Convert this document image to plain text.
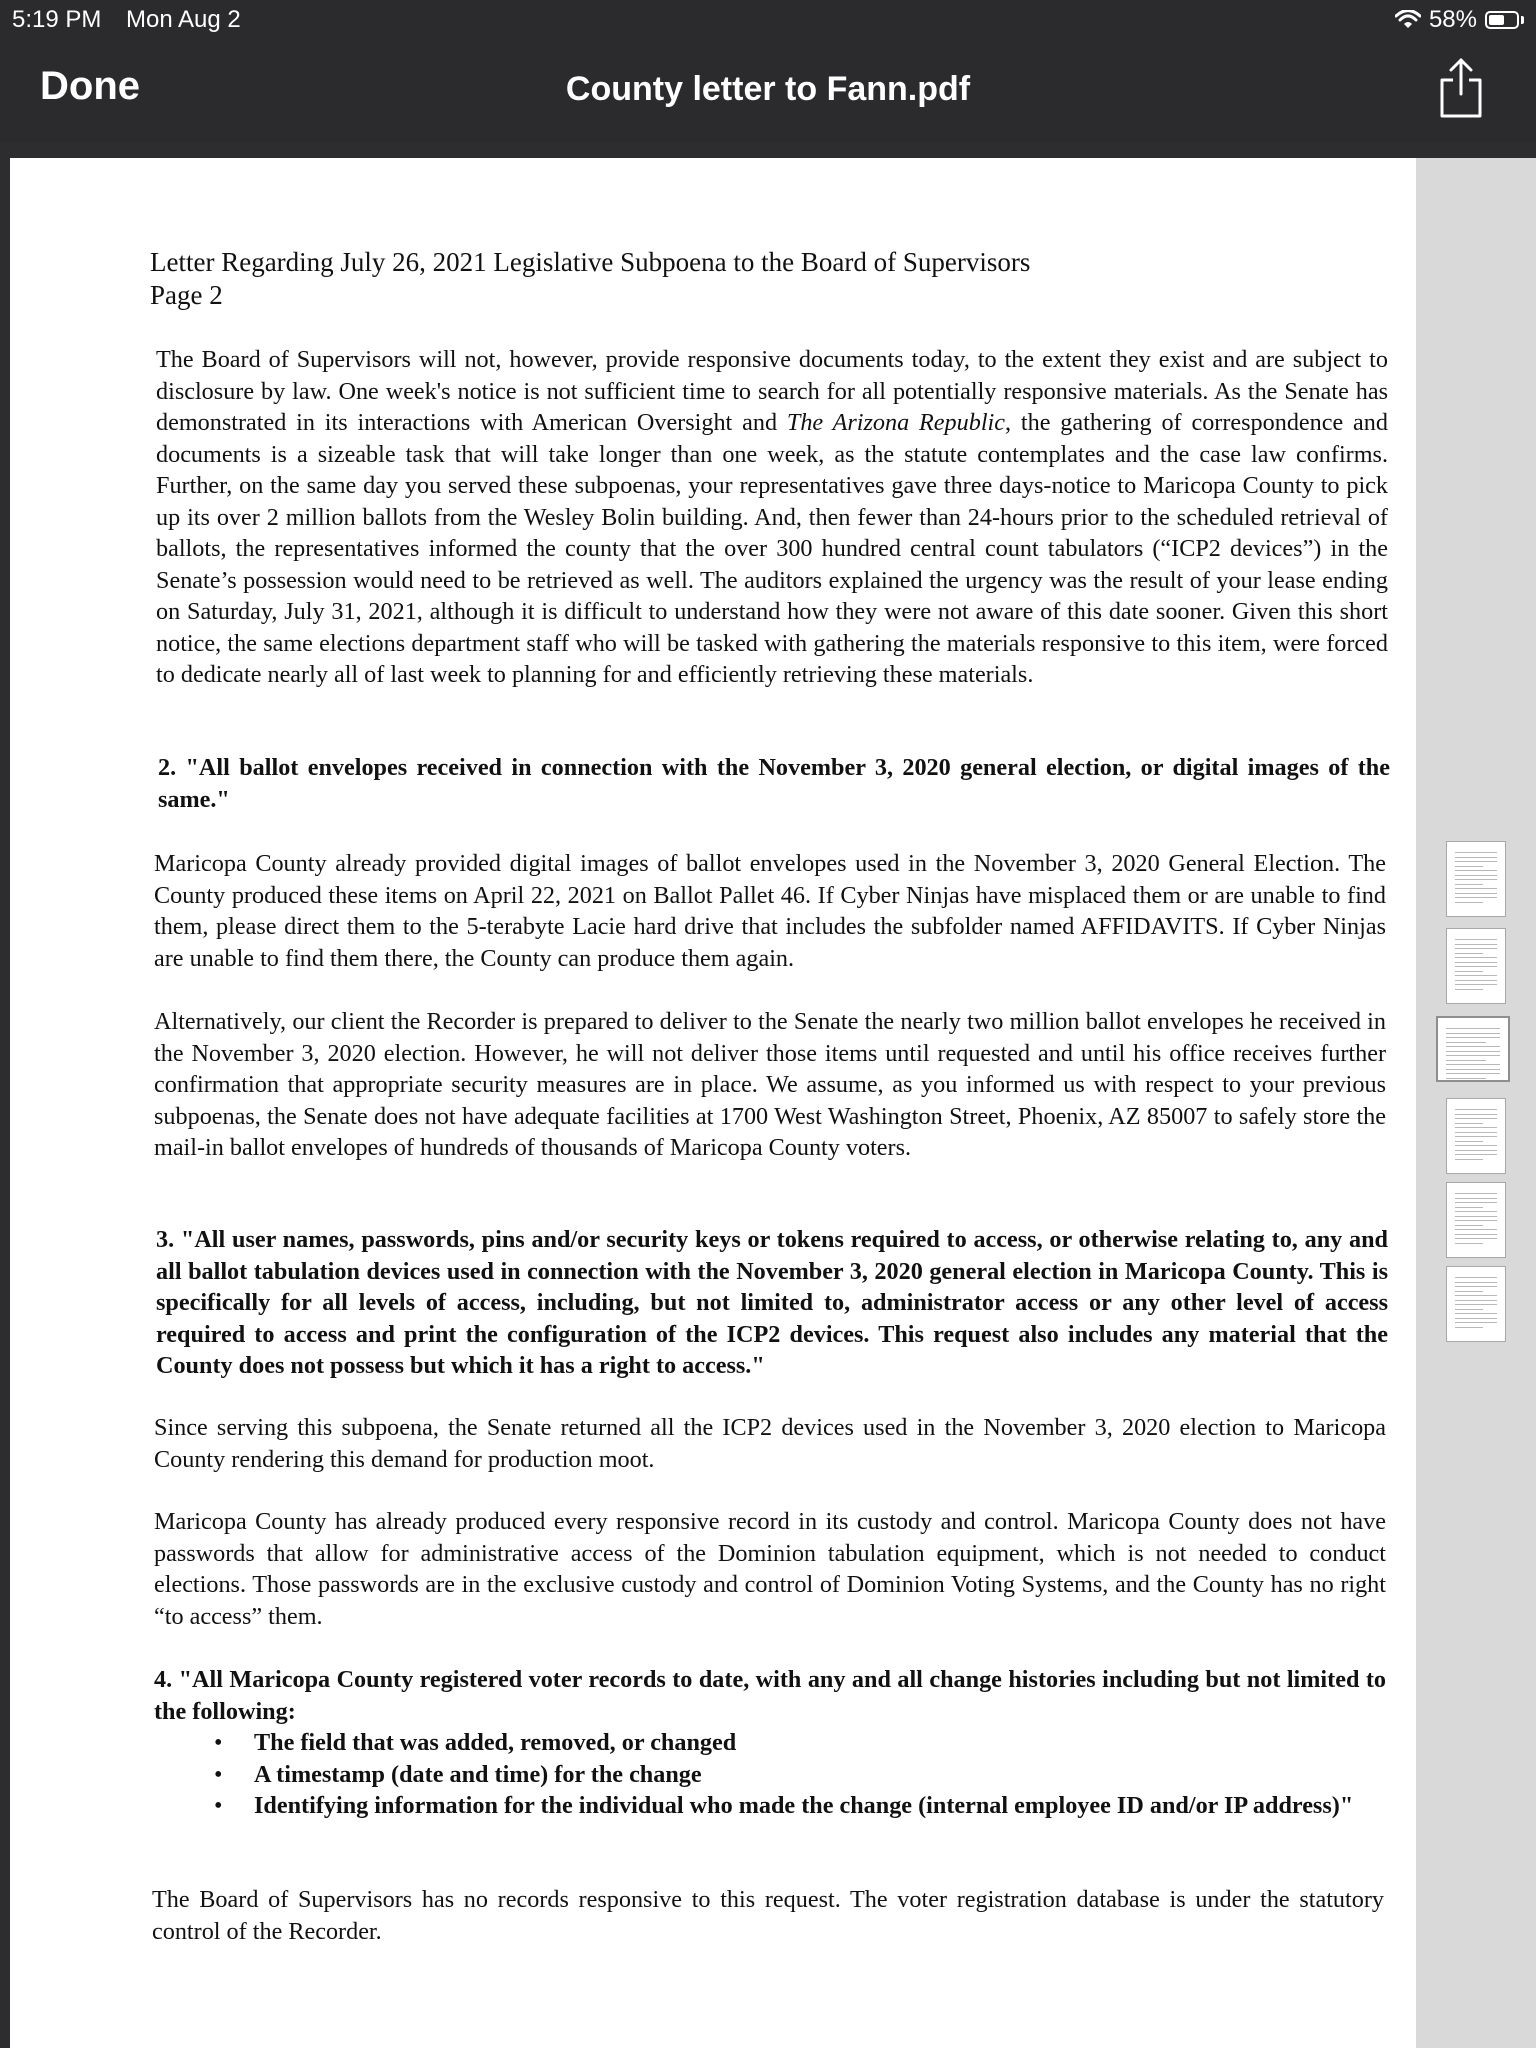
5:19 PM Mon Aug 2	58%
Done	County letter to Fann.pdf
Letter Regarding July 26, 2021 Legislative Subpoena to the Board of Supervisors
Page 2
The Board of Supervisors will not, however, provide responsive documents today, to the extent they exist and are subject to disclosure by law. One week's notice is not sufficient time to search for all potentially responsive materials. As the Senate has demonstrated in its interactions with American Oversight and The Arizona Republic, the gathering of correspondence and documents is a sizeable task that will take longer than one week, as the statute contemplates and the case law confirms. Further, on the same day you served these subpoenas, your representatives gave three days-notice to Maricopa County to pick up its over 2 million ballots from the Wesley Bolin building. And, then fewer than 24-hours prior to the scheduled retrieval of ballots, the representatives informed the county that the over 300 hundred central count tabulators (“ICP2 devices”) in the Senate’s possession would need to be retrieved as well. The auditors explained the urgency was the result of your lease ending on Saturday, July 31, 2021, although it is difficult to understand how they were not aware of this date sooner. Given this short notice, the same elections department staff who will be tasked with gathering the materials responsive to this item, were forced to dedicate nearly all of last week to planning for and efficiently retrieving these materials.
2. "All ballot envelopes received in connection with the November 3, 2020 general election, or digital images of the same."
Maricopa County already provided digital images of ballot envelopes used in the November 3, 2020 General Election. The County produced these items on April 22, 2021 on Ballot Pallet 46. If Cyber Ninjas have misplaced them or are unable to find them, please direct them to the 5-terabyte Lacie hard drive that includes the subfolder named AFFIDAVITS. If Cyber Ninjas are unable to find them there, the County can produce them again.
Alternatively, our client the Recorder is prepared to deliver to the Senate the nearly two million ballot envelopes he received in the November 3, 2020 election. However, he will not deliver those items until requested and until his office receives further confirmation that appropriate security measures are in place. We assume, as you informed us with respect to your previous subpoenas, the Senate does not have adequate facilities at 1700 West Washington Street, Phoenix, AZ 85007 to safely store the mail-in ballot envelopes of hundreds of thousands of Maricopa County voters.
3. "All user names, passwords, pins and/or security keys or tokens required to access, or otherwise relating to, any and all ballot tabulation devices used in connection with the November 3, 2020 general election in Maricopa County. This is specifically for all levels of access, including, but not limited to, administrator access or any other level of access required to access and print the configuration of the ICP2 devices. This request also includes any material that the County does not possess but which it has a right to access."
Since serving this subpoena, the Senate returned all the ICP2 devices used in the November 3, 2020 election to Maricopa County rendering this demand for production moot.
Maricopa County has already produced every responsive record in its custody and control. Maricopa County does not have passwords that allow for administrative access of the Dominion tabulation equipment, which is not needed to conduct elections. Those passwords are in the exclusive custody and control of Dominion Voting Systems, and the County has no right “to access” them.
4. "All Maricopa County registered voter records to date, with any and all change histories including but not limited to the following:
• The field that was added, removed, or changed
• A timestamp (date and time) for the change
• Identifying information for the individual who made the change (internal employee ID and/or IP address)"
The Board of Supervisors has no records responsive to this request. The voter registration database is under the statutory control of the Recorder.
